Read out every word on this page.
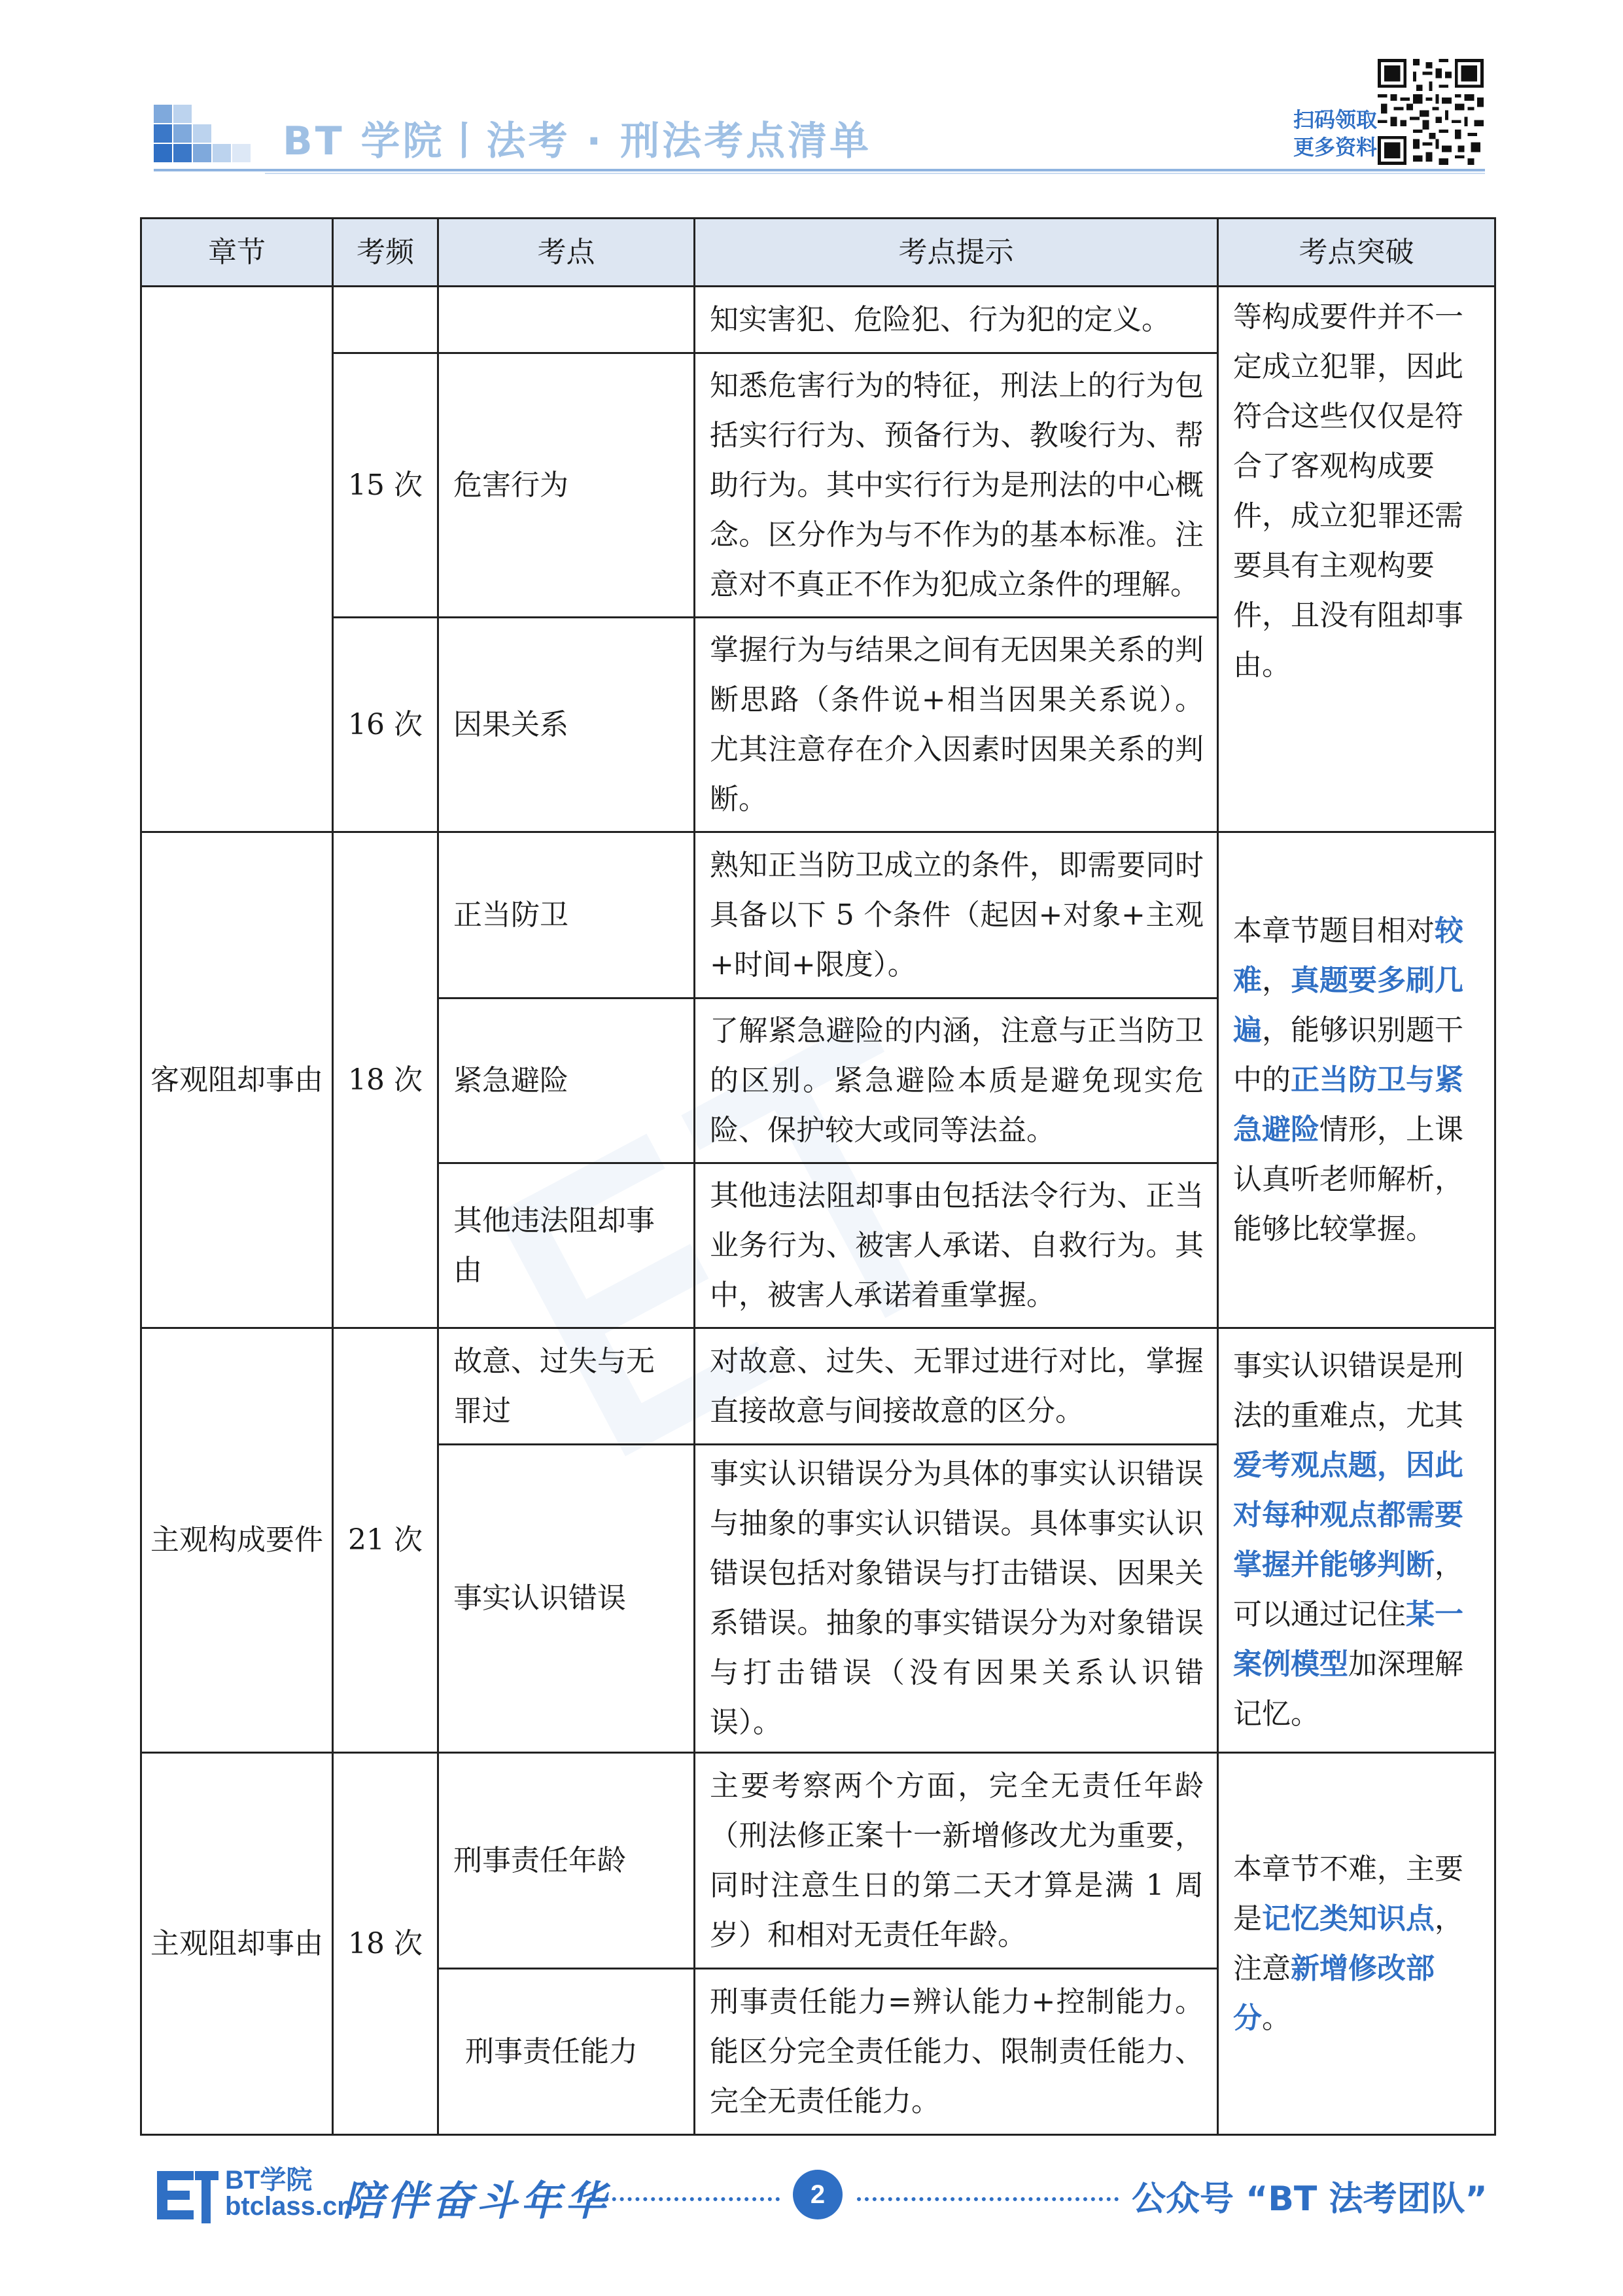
BT 学院丨法考 · 刑法考点清单	扫码领取
更多资料
章节	考频	考点	考点提示	考点突破
			知实害犯、危险犯、行为犯的定义。	等构成要件并不一定成立犯罪，因此符合这些仅仅是符合了客观构成要件，成立犯罪还需要具有主观构要件，且没有阻却事由。
	15 次	危害行为	知悉危害行为的特征，刑法上的行为包括实行行为、预备行为、教唆行为、帮助行为。其中实行行为是刑法的中心概念。区分作为与不作为的基本标准。注意对不真正不作为犯成立条件的理解。	
	16 次	因果关系	掌握行为与结果之间有无因果关系的判断思路（条件说+相当因果关系说）。尤其注意存在介入因素时因果关系的判断。	
客观阻却事由	18 次	正当防卫	熟知正当防卫成立的条件，即需要同时具备以下 5 个条件（起因+对象+主观+时间+限度）。	本章节题目相对较难，真题要多刷几遍，能够识别题干中的正当防卫与紧急避险情形，上课认真听老师解析，能够比较掌握。
		紧急避险	了解紧急避险的内涵，注意与正当防卫的区别。紧急避险本质是避免现实危险、保护较大或同等法益。	
		其他违法阻却事由	其他违法阻却事由包括法令行为、正当业务行为、被害人承诺、自救行为。其中，被害人承诺着重掌握。	
主观构成要件	21 次	故意、过失与无罪过	对故意、过失、无罪过进行对比，掌握直接故意与间接故意的区分。	事实认识错误是刑法的重难点，尤其爱考观点题，因此对每种观点都需要掌握并能够判断，可以通过记住某一案例模型加深理解记忆。
		事实认识错误	事实认识错误分为具体的事实认识错误与抽象的事实认识错误。具体事实认识错误包括对象错误与打击错误、因果关系错误。抽象的事实错误分为对象错误与打击错误（没有因果关系认识错误）。	
主观阻却事由	18 次	刑事责任年龄	主要考察两个方面，完全无责任年龄（刑法修正案十一新增修改尤为重要，同时注意生日的第二天才算是满 1 周岁）和相对无责任年龄。	本章节不难，主要是记忆类知识点，注意新增修改部分。
		刑事责任能力	刑事责任能力=辨认能力+控制能力。能区分完全责任能力、限制责任能力、完全无责任能力。	
BT学院
btclass.cn
陪伴奋斗年华	2	公众号 “BT 法考团队”
